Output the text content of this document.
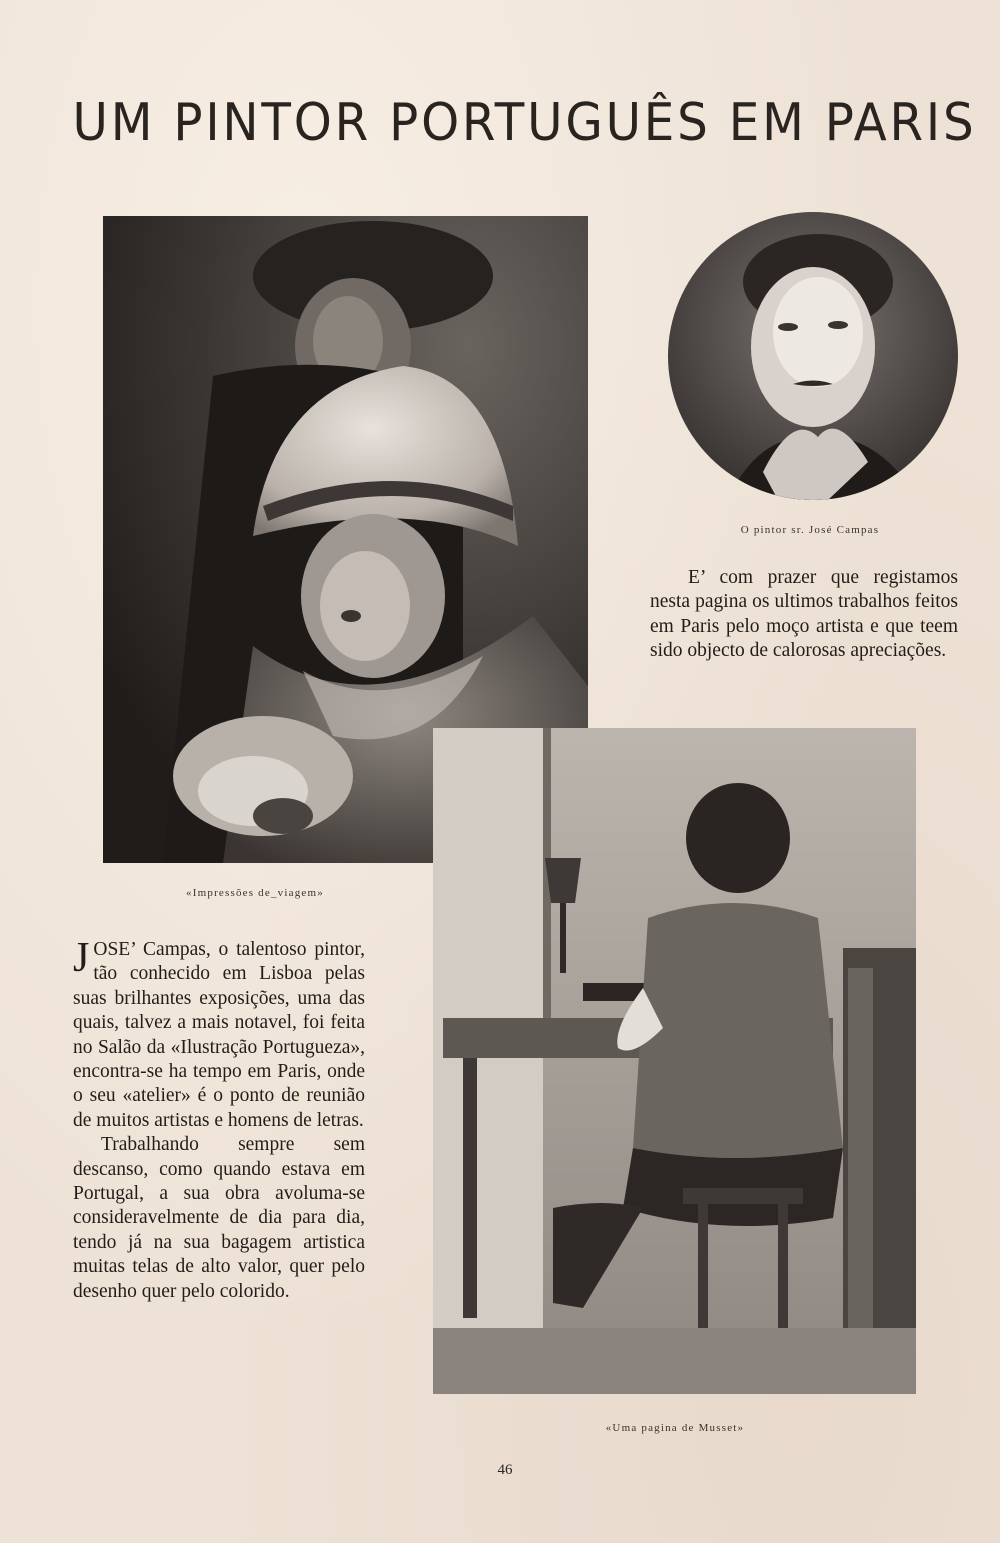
UM PINTOR PORTUGUÊS EM PARIS
O pintor sr. José Campas

E’ com prazer que registamos nesta pagina os ultimos trabalhos feitos em Paris pelo moço artista e que teem sido objecto de calorosas apreciações.

«Impressões de_viagem»

JOSE’ Campas, o talentoso pintor, tão conhecido em Lisboa pelas suas brilhantes exposições, uma das quais, talvez a mais notavel, foi feita no Salão da «Ilustração Portugueza», encontra-se ha tempo em Paris, onde o seu «atelier» é o ponto de reunião de muitos artistas e homens de letras.

Trabalhando sempre sem descanso, como quando estava em Portugal, a sua obra avoluma-se consideravelmente de dia para dia, tendo já na sua bagagem artistica muitas telas de alto valor, quer pelo desenho quer pelo colorido.

«Uma pagina de Musset»
46
